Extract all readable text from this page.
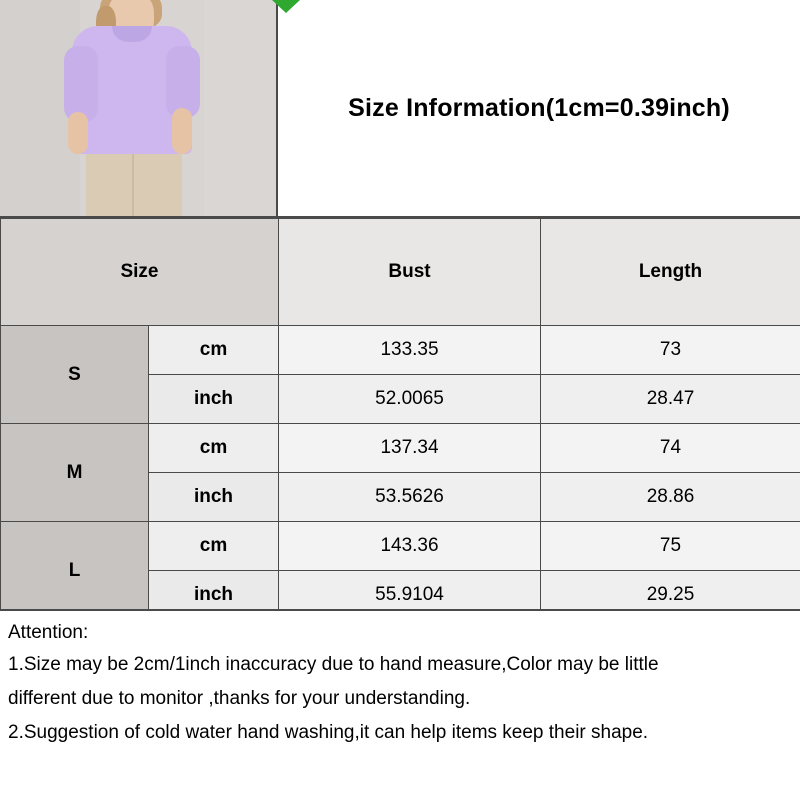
Size Information(1cm=0.39inch)
Size		Bust	Length
S	cm	133.35	73
	inch	52.0065	28.47
M	cm	137.34	74
	inch	53.5626	28.86
L	cm	143.36	75
	inch	55.9104	29.25

Attention:

1.Size may be 2cm/1inch inaccuracy due to hand measure,Color may be little

different due to monitor ,thanks for your understanding.

2.Suggestion of cold water hand washing,it can help items keep their shape.
